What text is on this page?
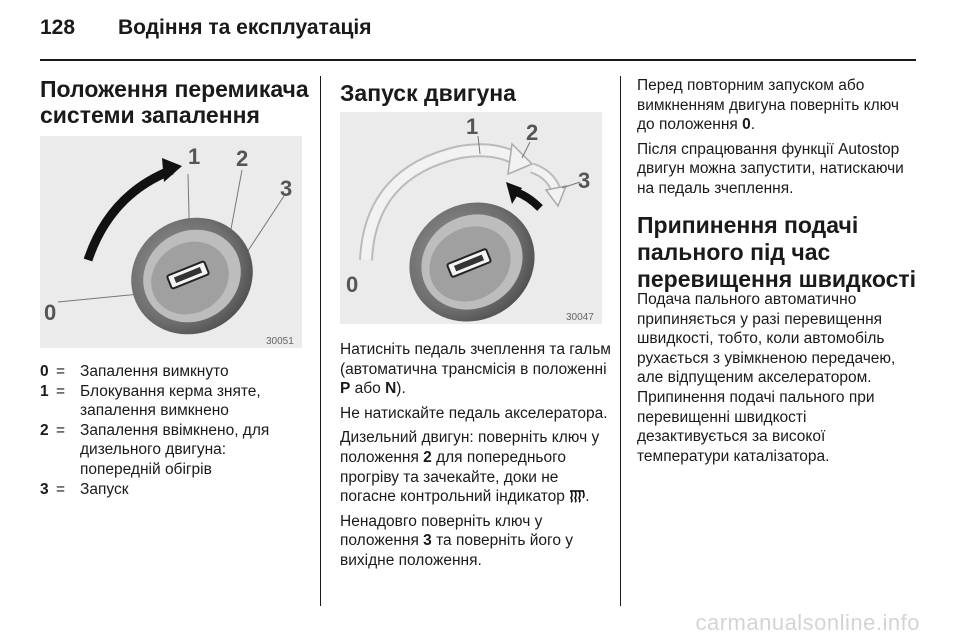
128 Водіння та експлуатація
Положення перемикача
системи запалення
1 2
3
0
30051
0 = Запалення вимкнуто
1 = Блокування керма зняте, запалення вимкнено
2 = Запалення ввімкнено, для дизельного двигуна: попередній обігрів
3 = Запуск
Запуск двигуна
1 2
3
0
30047

Натисніть педаль зчеплення та гальм (автоматична трансмісія в положенні P або N).

Не натискайте педаль акселератора.

Дизельний двигун: поверніть ключ у положення 2 для попереднього прогріву та зачекайте, доки не погасне контрольний індикатор .

Ненадовго поверніть ключ у положення 3 та поверніть його у вихідне положення.

Перед повторним запуском або вимкненням двигуна поверніть ключ до положення 0.

Після спрацювання функції Autostop двигун можна запустити, натискаючи на педаль зчеплення.

Припинення подачі
пального під час
перевищення швидкості

Подача пального автоматично припиняється у разі перевищення швидкості, тобто, коли автомобіль рухається з увімкненою передачею, але відпущеним акселератором. Припинення подачі пального при перевищенні швидкості дезактивується за високої температури каталізатора.

carmanualsonline.info
